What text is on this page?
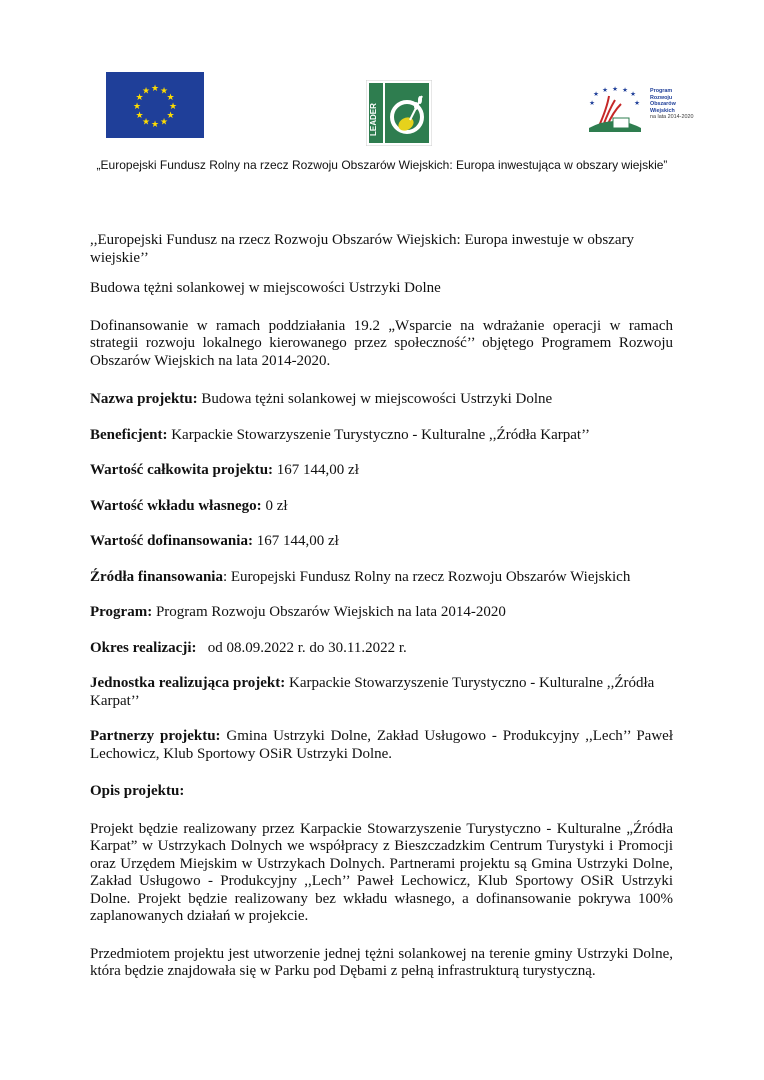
★ ★
★
★
★
★
★
★
★
★
★
★
LEADER
★ ★ ★ ★ ★
★	★
Program
Rozwoju
Obszarów
Wiejskich
na lata 2014-2020
„Europejski Fundusz Rolny na rzecz Rozwoju Obszarów Wiejskich: Europa inwestująca w obszary wiejskie”

,,Europejski Fundusz na rzecz Rozwoju Obszarów Wiejskich: Europa inwestuje w obszary wiejskie’’

Budowa tężni solankowej w miejscowości Ustrzyki Dolne

Dofinansowanie w ramach poddziałania 19.2 „Wsparcie na wdrażanie operacji w ramach strategii rozwoju lokalnego kierowanego przez społeczność’’ objętego Programem Rozwoju Obszarów Wiejskich na lata 2014-2020.

Nazwa projektu: Budowa tężni solankowej w miejscowości Ustrzyki Dolne

Beneficjent: Karpackie Stowarzyszenie Turystyczno - Kulturalne ,,Źródła Karpat’’

Wartość całkowita projektu: 167 144,00 zł

Wartość wkładu własnego: 0 zł

Wartość dofinansowania: 167 144,00 zł

Źródła finansowania: Europejski Fundusz Rolny na rzecz Rozwoju Obszarów Wiejskich

Program: Program Rozwoju Obszarów Wiejskich na lata 2014-2020

Okres realizacji:   od 08.09.2022 r. do 30.11.2022 r.

Jednostka realizująca projekt: Karpackie Stowarzyszenie Turystyczno - Kulturalne ,,Źródła Karpat’’

Partnerzy projektu: Gmina Ustrzyki Dolne, Zakład Usługowo - Produkcyjny ,,Lech’’ Paweł Lechowicz, Klub Sportowy OSiR Ustrzyki Dolne.

Opis projektu:

Projekt będzie realizowany przez Karpackie Stowarzyszenie Turystyczno - Kulturalne „Źródła Karpat” w Ustrzykach Dolnych we współpracy z Bieszczadzkim Centrum Turystyki i Promocji oraz Urzędem Miejskim w Ustrzykach Dolnych. Partnerami projektu są Gmina Ustrzyki Dolne, Zakład Usługowo - Produkcyjny ,,Lech’’ Paweł Lechowicz, Klub Sportowy OSiR Ustrzyki Dolne. Projekt będzie realizowany bez wkładu własnego, a dofinansowanie pokrywa 100% zaplanowanych działań w projekcie.

Przedmiotem projektu jest utworzenie jednej tężni solankowej na terenie gminy Ustrzyki Dolne, która będzie znajdowała się w Parku pod Dębami z pełną infrastrukturą turystyczną.
